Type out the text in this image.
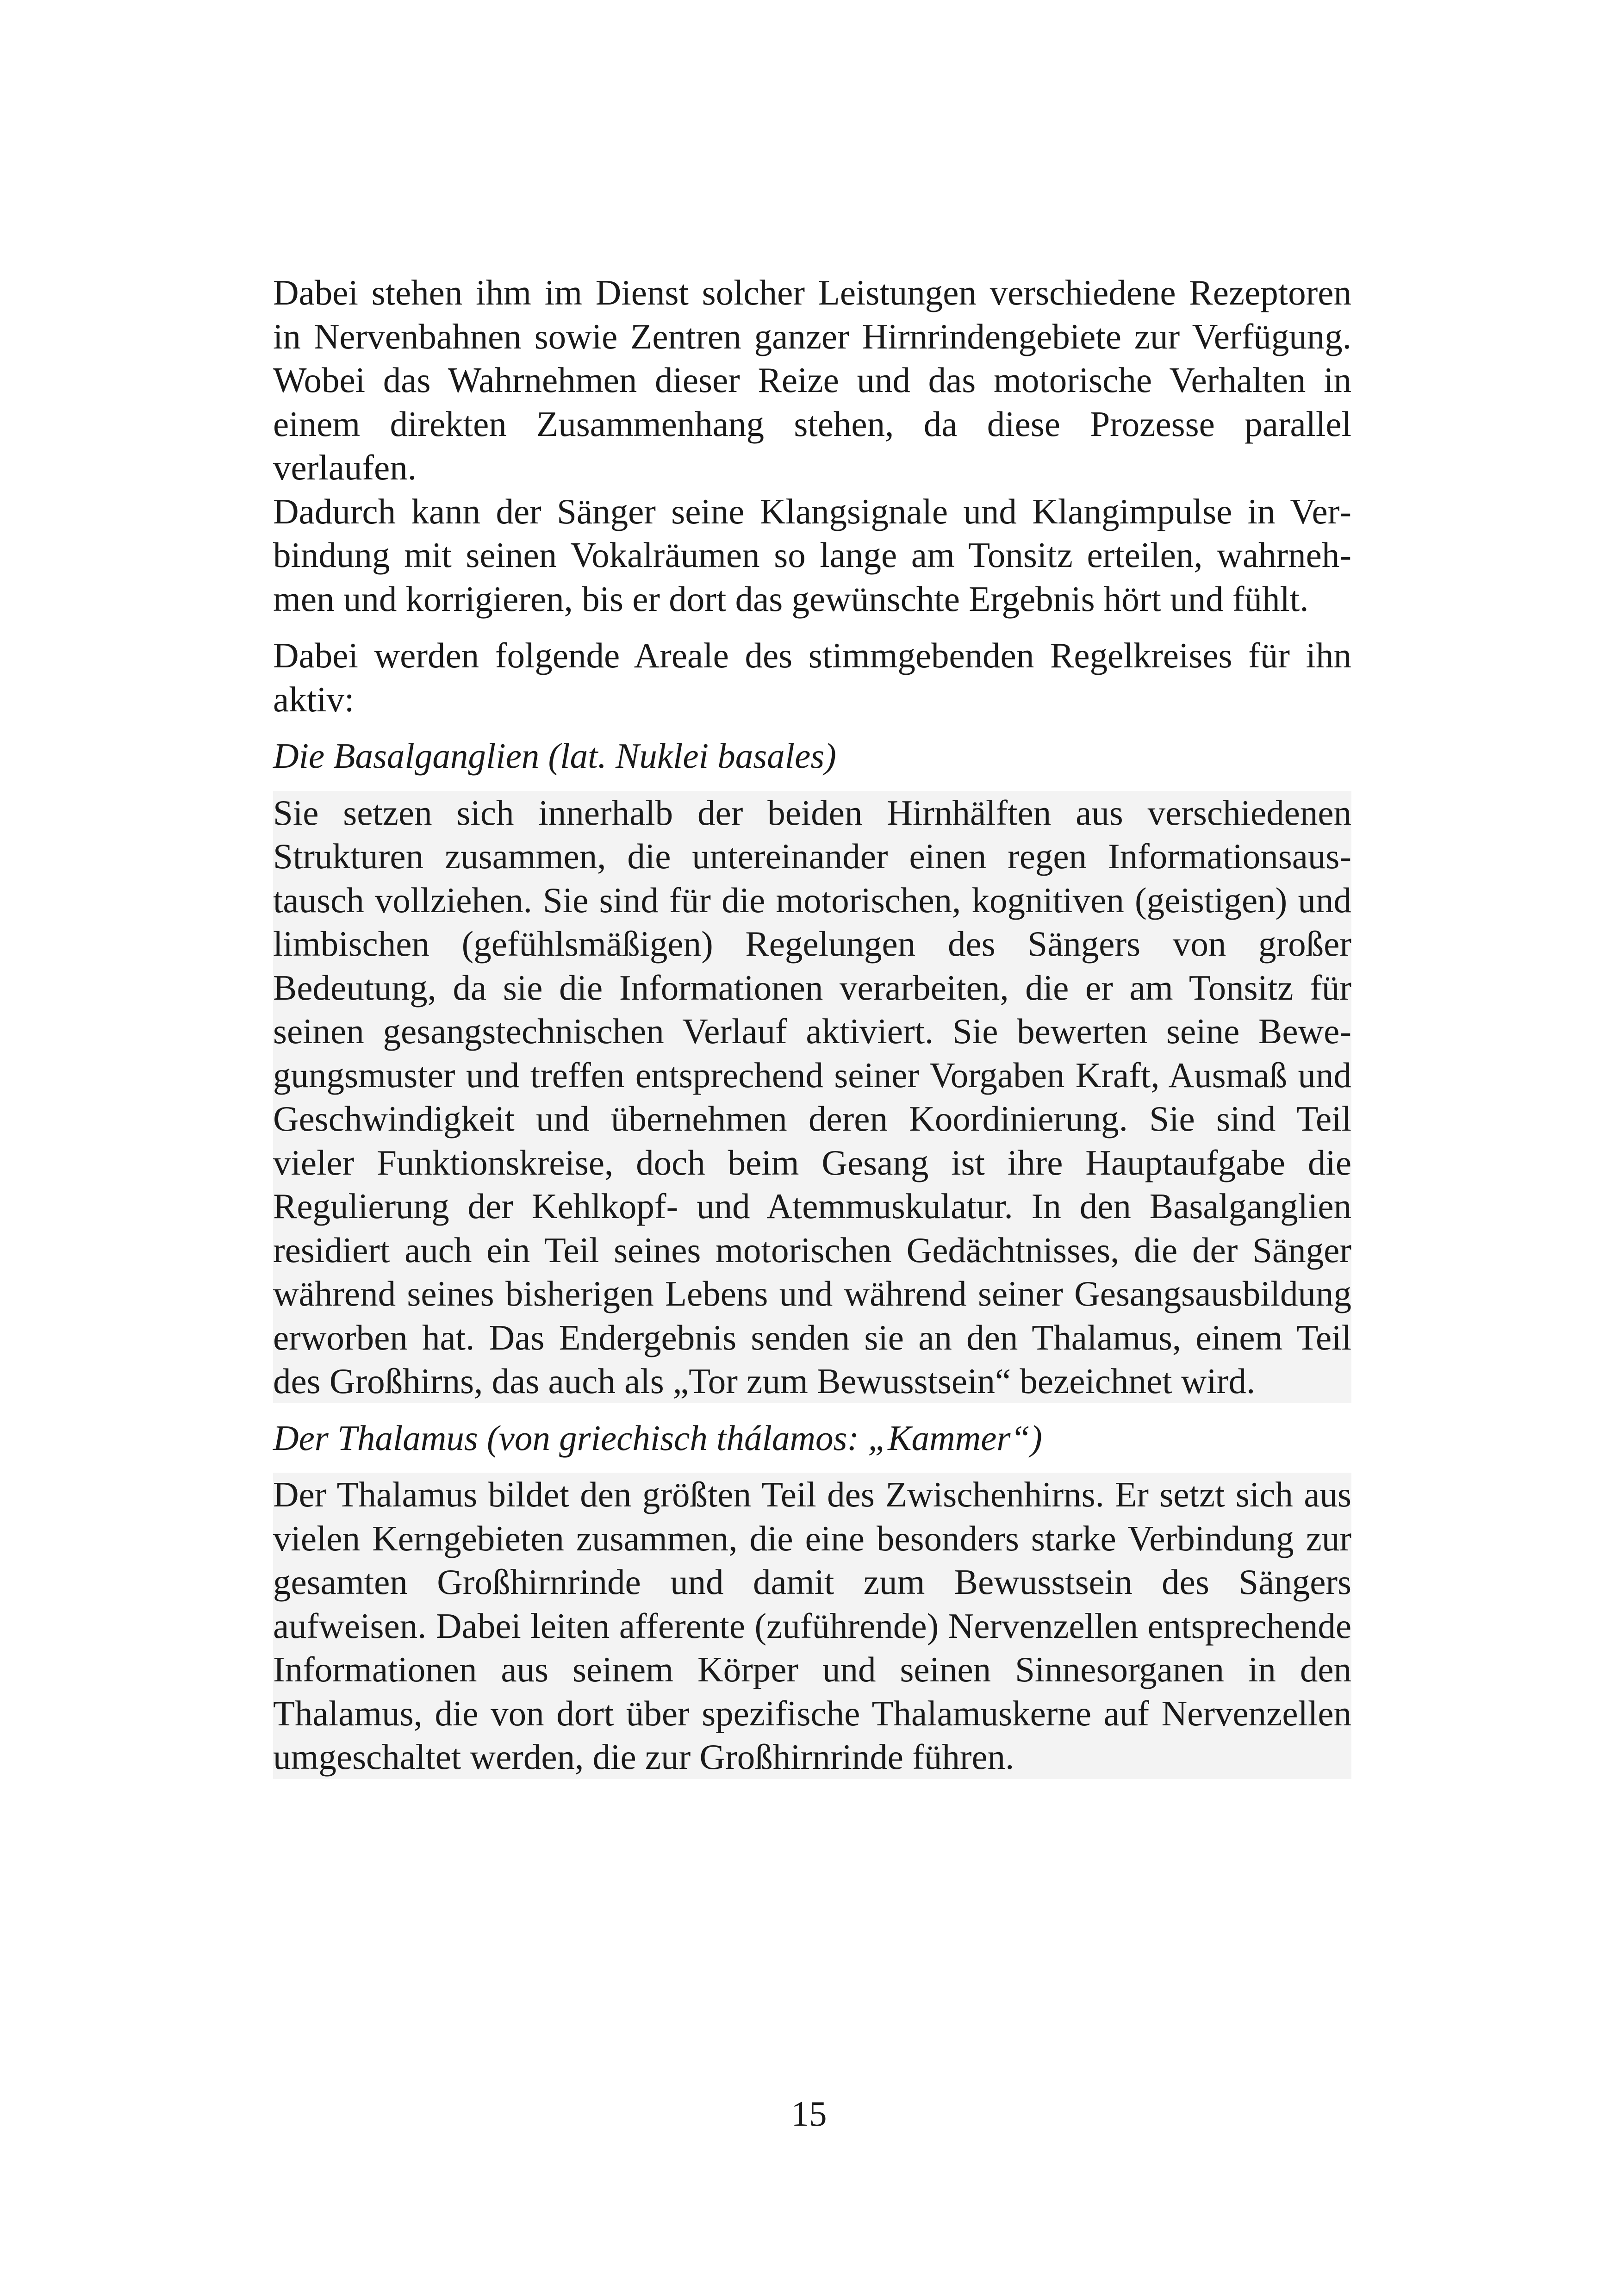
Dabei stehen ihm im Dienst solcher Leistungen verschiedene Rezeptoren in Nervenbahnen sowie Zentren ganzer Hirnrindengebiete zur Verfügung. Wobei das Wahrnehmen dieser Reize und das motorische Verhalten in einem direkten Zusammenhang stehen, da diese Prozesse parallel verlaufen.

Dadurch kann der Sänger seine Klangsignale und Klangimpulse in Verbindung mit seinen Vokalräumen so lange am Tonsitz erteilen, wahrnehmen und korrigieren, bis er dort das gewünschte Ergebnis hört und fühlt.

Dabei werden folgende Areale des stimmgebenden Regelkreises für ihn aktiv:

Die Basalganglien (lat. Nuklei basales)

Sie setzen sich innerhalb der beiden Hirnhälften aus verschiedenen Strukturen zusammen, die untereinander einen regen Informationsaustausch vollziehen. Sie sind für die motorischen, kognitiven (geistigen) und limbischen (gefühlsmäßigen) Regelungen des Sängers von großer Bedeutung, da sie die Informationen verarbeiten, die er am Tonsitz für seinen gesangstechnischen Verlauf aktiviert. Sie bewerten seine Bewegungsmuster und treffen entsprechend seiner Vorgaben Kraft, Ausmaß und Geschwindigkeit und übernehmen deren Koordinierung. Sie sind Teil vieler Funktionskreise, doch beim Gesang ist ihre Hauptaufgabe die Regulierung der Kehlkopf- und Atemmuskulatur. In den Basalganglien residiert auch ein Teil seines motorischen Gedächtnisses, die der Sänger während seines bisherigen Lebens und während seiner Gesangsausbildung erworben hat. Das Endergebnis senden sie an den Thalamus, einem Teil des Großhirns, das auch als „Tor zum Bewusstsein“ bezeichnet wird.

Der Thalamus (von griechisch thálamos: „Kammer“)

Der Thalamus bildet den größten Teil des Zwischenhirns. Er setzt sich aus vielen Kerngebieten zusammen, die eine besonders starke Verbindung zur gesamten Großhirnrinde und damit zum Bewusstsein des Sängers aufweisen. Dabei leiten afferente (zuführende) Nervenzellen entsprechende Informationen aus seinem Körper und seinen Sinnesorganen in den Thalamus, die von dort über spezifische Thalamuskerne auf Nervenzellen umgeschaltet werden, die zur Großhirnrinde führen.

15
